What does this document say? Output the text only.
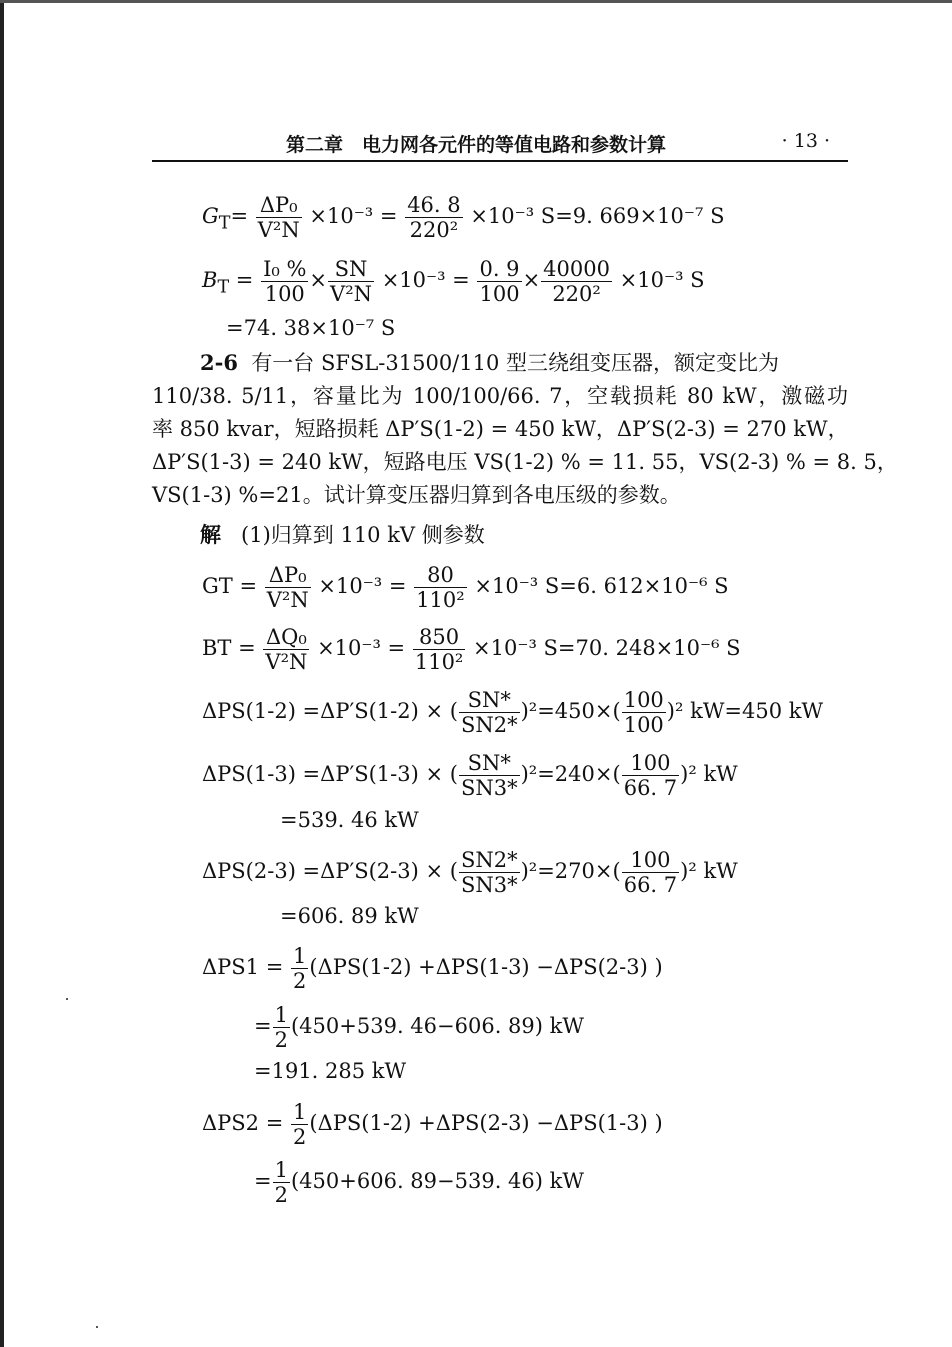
第二章　电力网各元件的等值电路和参数计算	· 13 ·
$G_T= \frac{\text{ΔP₀}}{\text{V²N}} \times 10^{-3} = \frac{46. 8}{\text{220²}} \times 10^{-3}$ S=9. 669×10⁻⁷ S
$B_T = \frac{\text{I₀ \%}}{100} \times \frac{SN}{\text{V²N}} \times 10^{-3} = \frac{0. 9}{100} \times \frac{40000}{\text{220²}} \times 10^{-3}$ S
=74. 38×10⁻⁷ S
2-6 有一台 SFSL-31500/110 型三绕组变压器，额定变比为
110/38. 5/11，容量比为 100/100/66. 7，空载损耗 80 kW，激磁功
率 850 kvar，短路损耗 ΔP′S(1-2) = 450 kW，ΔP′S(2-3) = 270 kW，
ΔP′S(1-3) = 240 kW，短路电压 VS(1-2) % = 11. 55，VS(2-3) % = 8. 5，
VS(1-3) %=21。试计算变压器归算到各电压级的参数。
解 (1)归算到 110 kV 侧参数
GT = $\frac{\text{ΔP₀}}{\text{V²N}} \times 10^{-3} = \frac{80}{\text{110²}} \times 10^{-3}$ S=6. 612×10⁻⁶ S
BT = $\frac{\text{ΔQ₀}}{\text{V²N}} \times 10^{-3} = \frac{850}{\text{110²}} \times 10^{-3}$ S=70. 248×10⁻⁶ S
ΔPS(1-2) =ΔP′S(1-2) × ( $\frac{SN*}{SN2*} )^2=450\times( \frac{100}{100} )^2$ kW=450 kW
ΔPS(1-3) =ΔP′S(1-3) × ( $\frac{SN*}{SN3*} )^2=240\times( \frac{100}{66. 7} )^2$ kW
=539. 46 kW
ΔPS(2-3) =ΔP′S(2-3) × ( $\frac{SN2*}{SN3*} )^2=270\times( \frac{100}{66. 7} )^2$ kW
=606. 89 kW
$\Delta PS1 = \frac{1}{2} (\Delta PS(1-2) +\Delta PS(1-3) -\Delta PS(2-3)$ )
= $\frac{1}{2} (450+539$. 46−606. 89) kW
=191. 285 kW
$\Delta PS2 = \frac{1}{2} (\Delta PS(1-2) +\Delta PS(2-3) -\Delta PS(1-3)$ )
= $\frac{1}{2} (450+606$. 89−539. 46) kW
